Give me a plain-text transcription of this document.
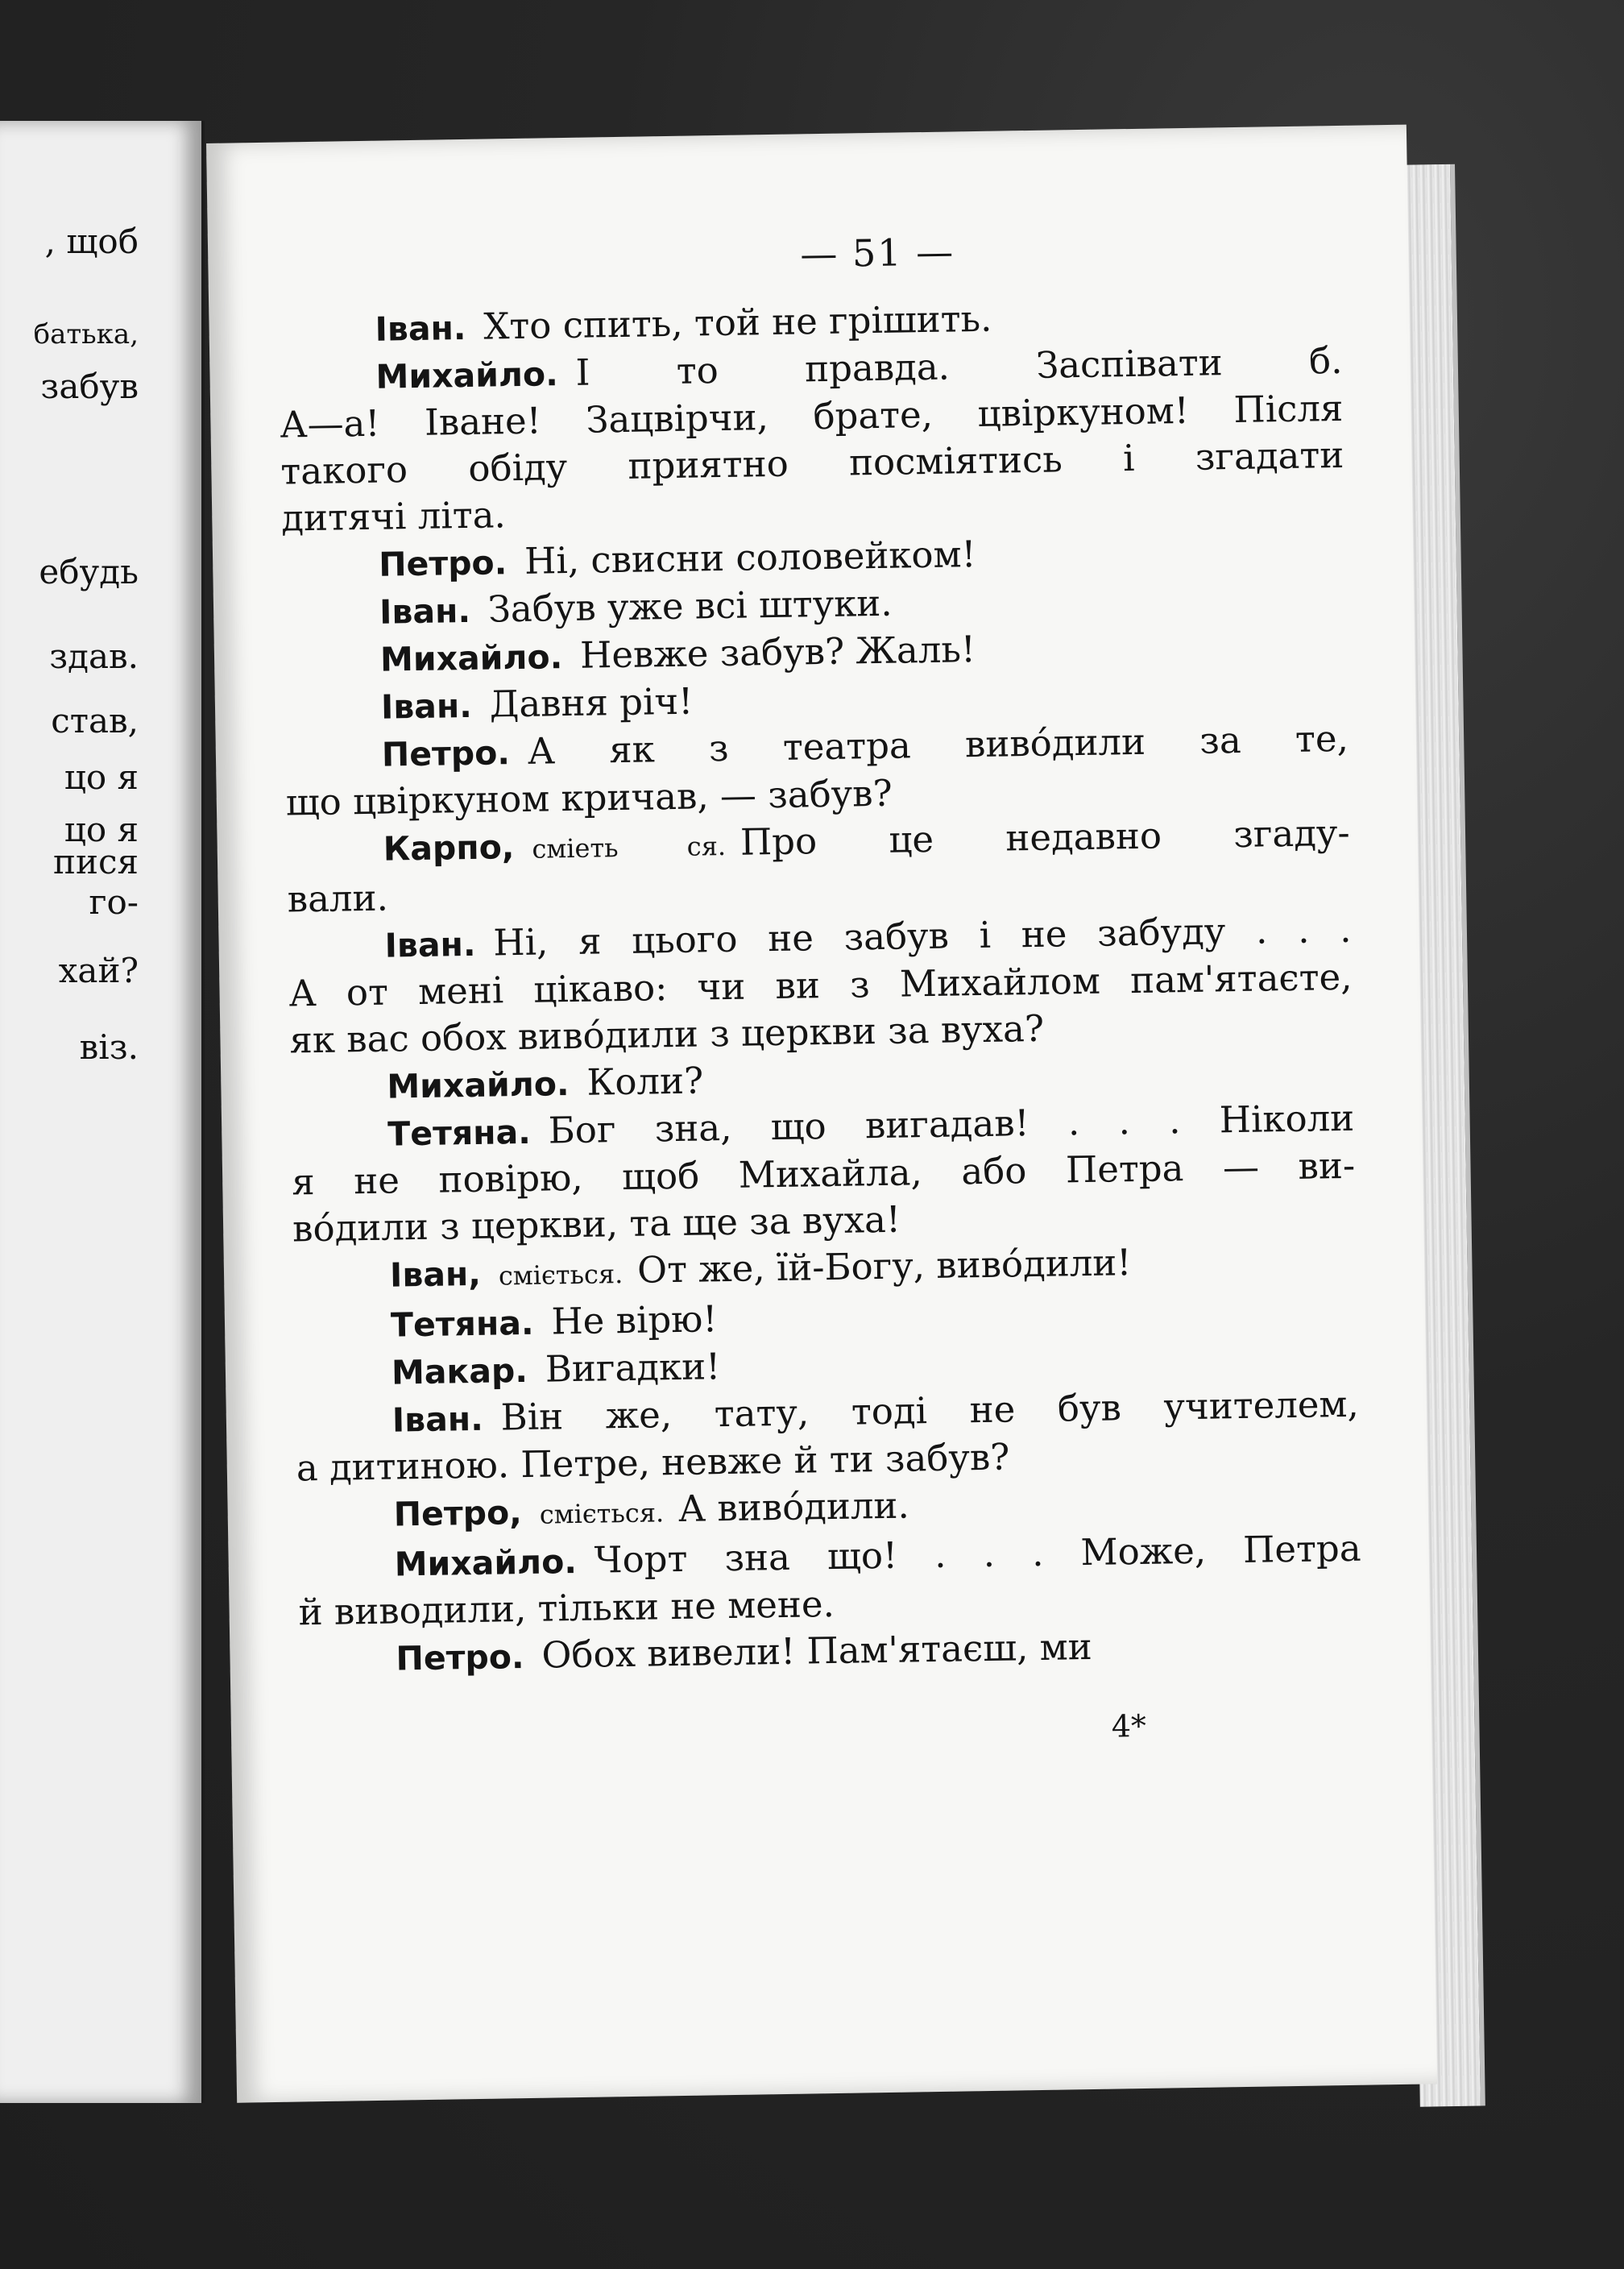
, щоб
батька,
забув
ебудь
здав.
став,
цо я
цо я
пися
го-
хай?
віз.
— 51 —
Іван. Хто спить, той не грішить.
Михайло. І то правда. Заспівати б.
А—а! Іване! Зацвірчи, брате, цвіркуном! Після
такого обіду приятно посміятись і згадати
дитячі літа.
Петро. Ні, свисни соловейком!
Іван. Забув уже всі штуки.
Михайло. Невже забув? Жаль!
Іван. Давня річ!
Петро. А як з театра виво́дили за те,
що цвіркуном кричав, — забув?
Карпо, сміеть ся. Про це недавно згаду-
вали.
Іван. Ні, я цього не забув і не забуду . . .
А от мені цікаво: чи ви з Михайлом пам'ятаєте,
як вас обох виво́дили з церкви за вуха?
Михайло. Коли?
Тетяна. Бог зна, що вигадав! . . . Ніколи
я не повірю, щоб Михайла, або Петра — ви-
во́дили з церкви, та ще за вуха!
Іван, сміється. От же, їй-Богу, виво́дили!
Тетяна. Не вірю!
Макар. Вигадки!
Іван. Він же, тату, тоді не був учителем,
а дитиною. Петре, невже й ти забув?
Петро, сміється. А виво́дили.
Михайло. Чорт зна що! . . . Може, Петра
й виводили, тільки не мене.
Петро. Обох вивели! Пам'ятаєш, ми
4*
